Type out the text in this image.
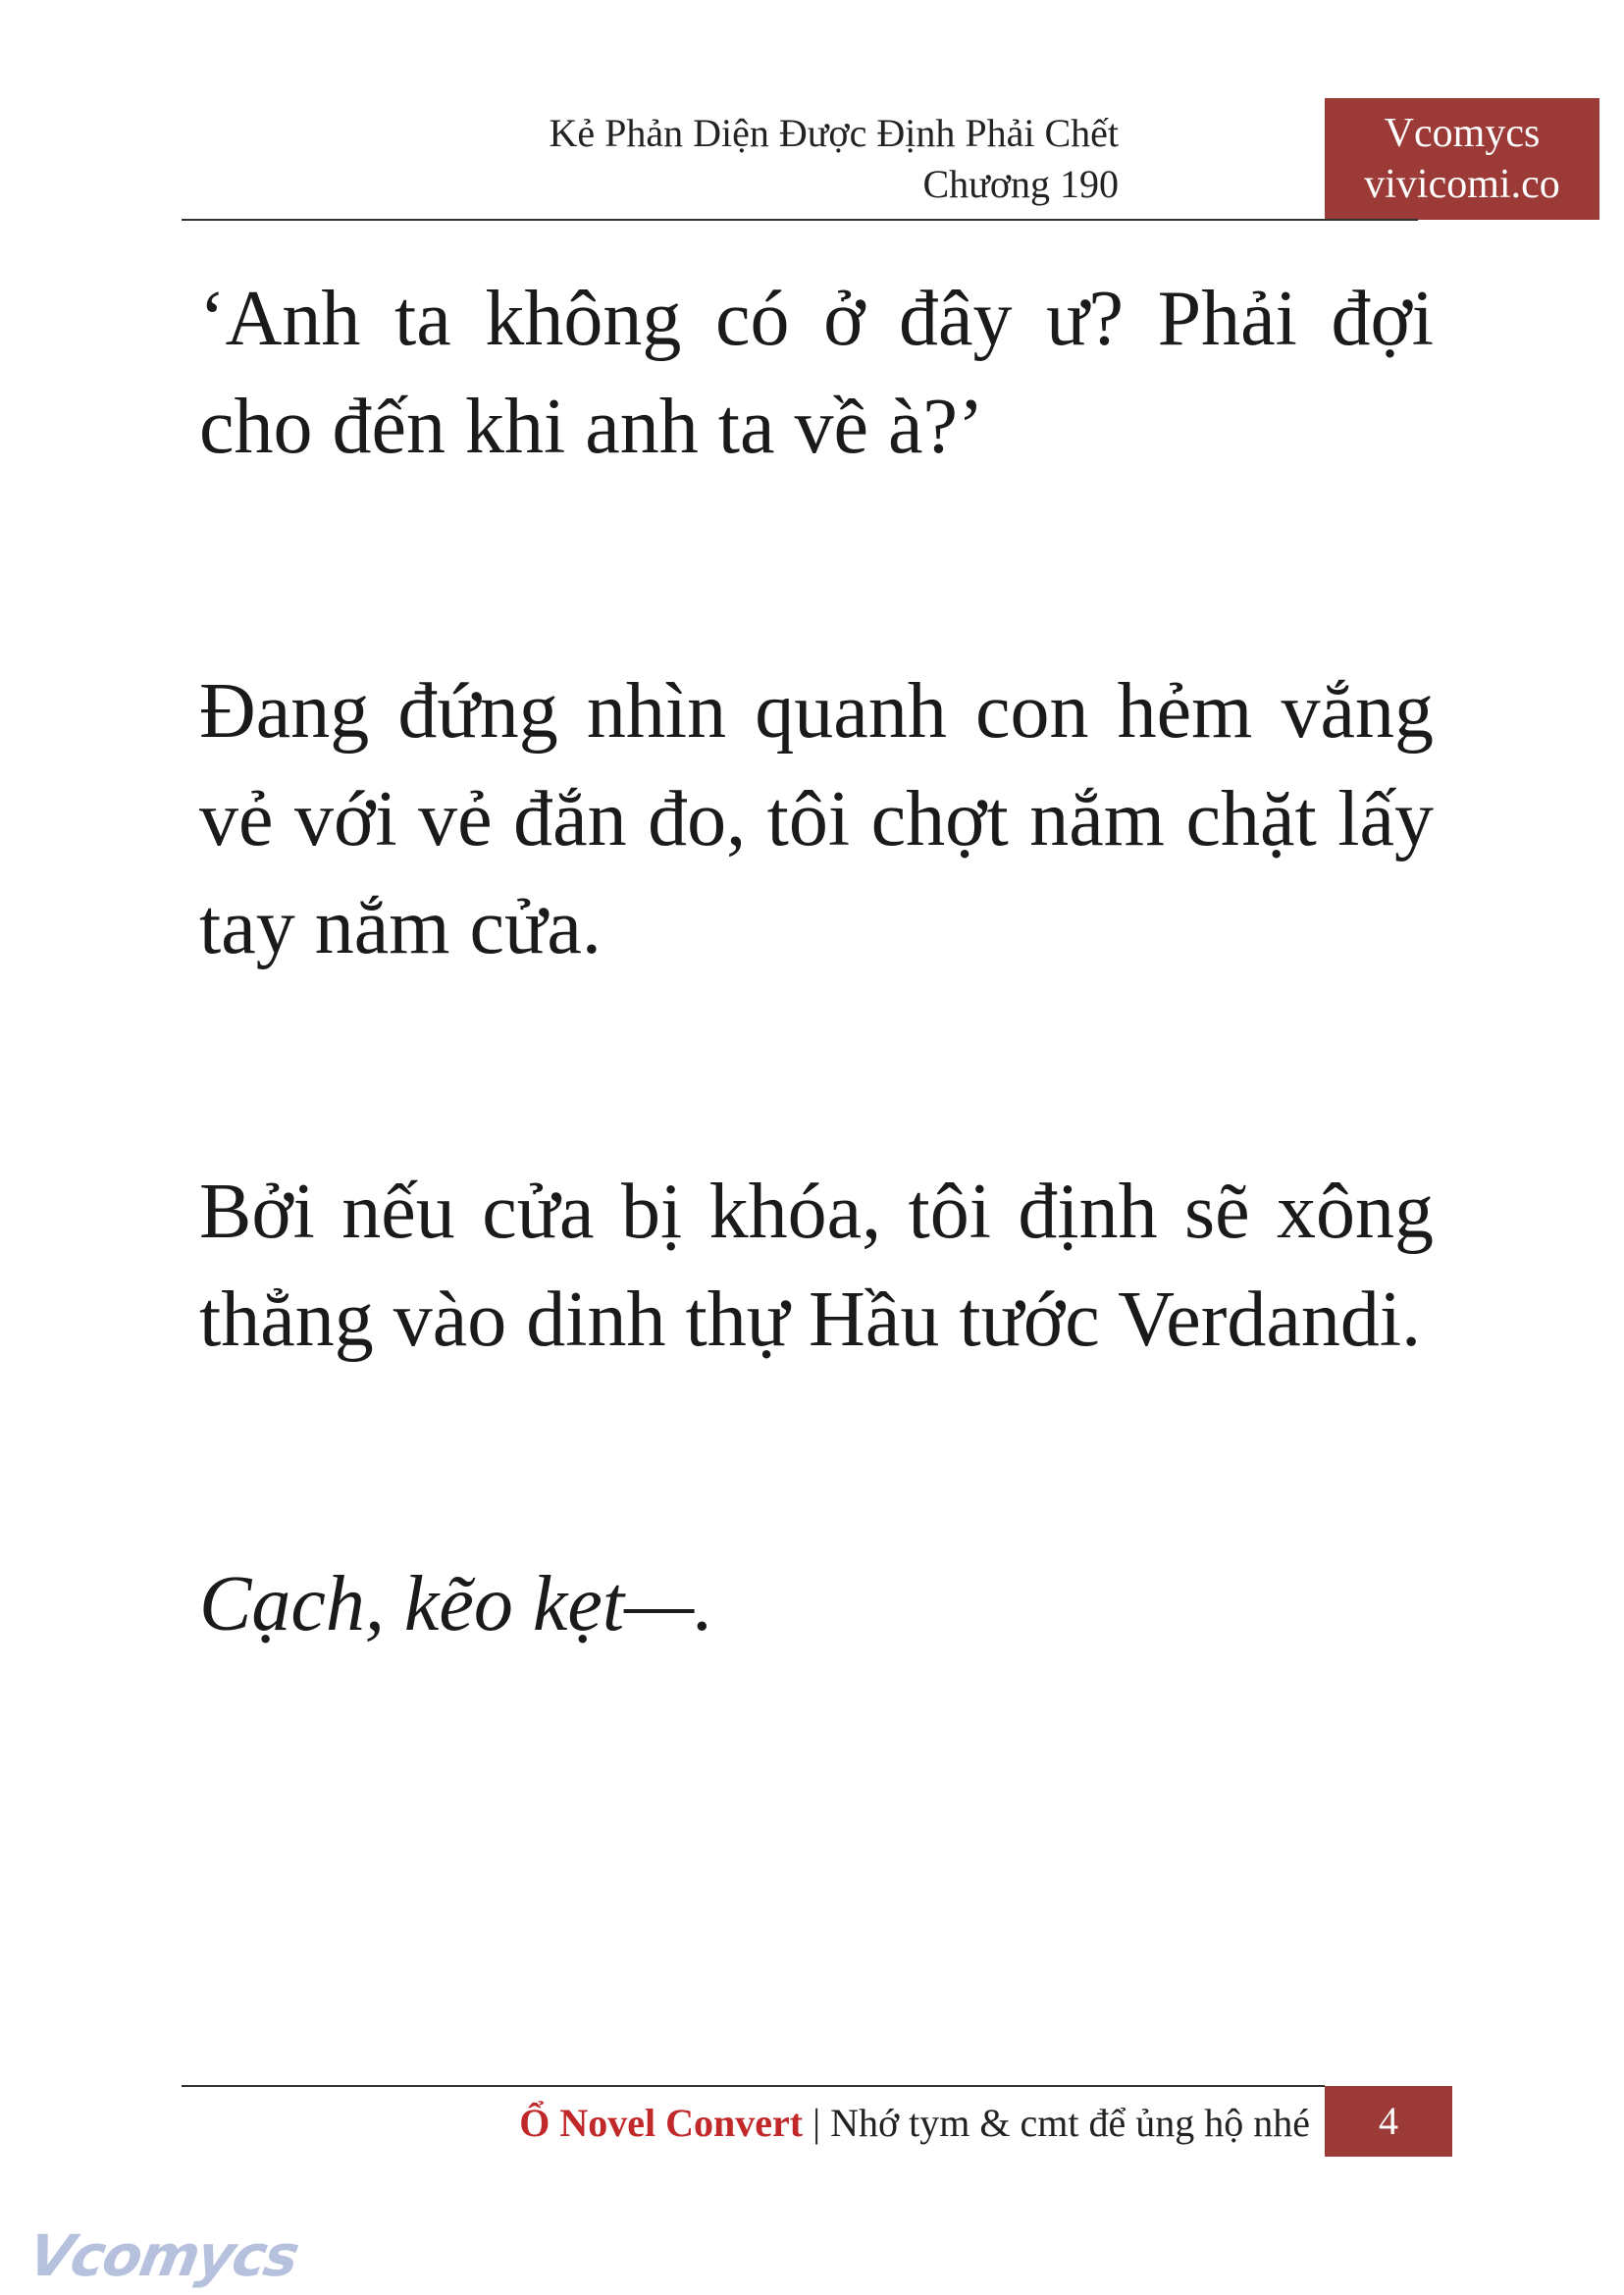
Kẻ Phản Diện Được Định Phải Chết
Chương 190
Vcomycs
vivicomi.co

‘Anh ta không có ở đây ư? Phải đợi cho đến khi anh ta về à?’

Đang đứng nhìn quanh con hẻm vắng vẻ với vẻ đắn đo, tôi chợt nắm chặt lấy tay nắm cửa.

Bởi nếu cửa bị khóa, tôi định sẽ xông thẳng vào dinh thự Hầu tước Verdandi.

Cạch, kẽo kẹt—.

Ổ Novel Convert | Nhớ tym & cmt để ủng hộ nhé	4
Vcomycs
